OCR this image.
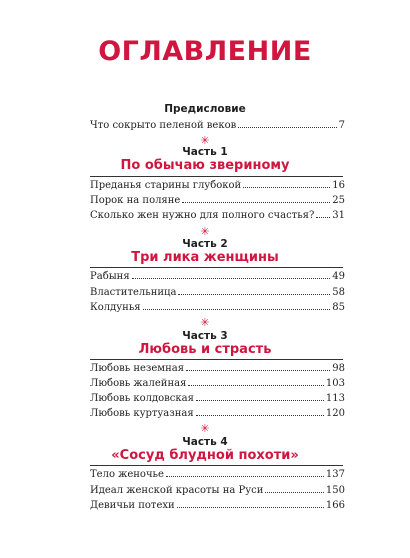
ОГЛАВЛЕНИЕ
Предисловие
Что сокрыто пеленой веков	7
✳
Часть 1
По обычаю звериному
Преданья старины глубокой	16
Порок на поляне	25
Сколько жен нужно для полного счастья? 31
✳
Часть 2
Три лика женщины
Рабыня	49
Властительница	58
Колдунья	85
✳
Часть 3
Любовь и страсть
Любовь неземная	98
Любовь жалейная	103
Любовь колдовская	113
Любовь куртуазная	120
✳
Часть 4
«Сосуд блудной похоти»
Тело женочье	137
Идеал женской красоты на Руси	150
Девичьи потехи	166
